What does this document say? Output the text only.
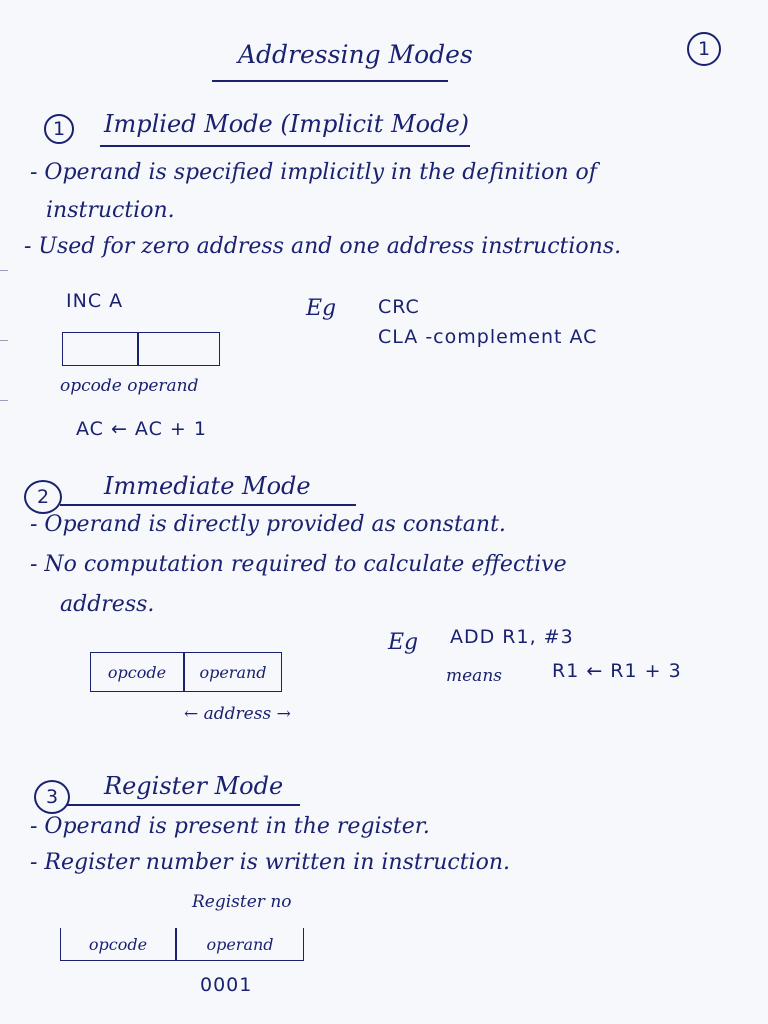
Addressing Modes	1
1 Implied Mode (Implicit Mode)
- Operand is specified implicitly in the definition of
instruction.
- Used for zero address and one address instructions.
INC A	Eg CRC
CLA -complement AC
opcode operand
AC ← AC + 1
2 Immediate Mode
- Operand is directly provided as constant.
- No computation required to calculate effective
address.
Eg ADD R1, #3
means	R1 ← R1 + 3
opcode operand
← address →
3 Register Mode
- Operand is present in the register.
- Register number is written in instruction.
Register no
opcode	operand
0001
